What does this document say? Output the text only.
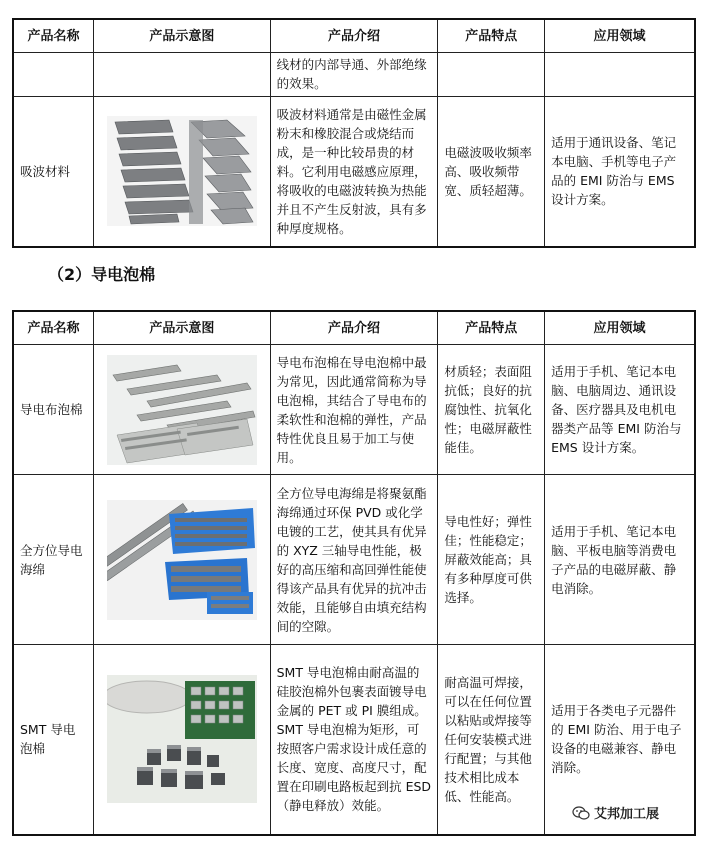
产品名称	产品示意图	产品介绍	产品特点	应用领域
		线材的内部导通、外部绝缘的效果。		
吸波材料		吸波材料通常是由磁性金属粉末和橡胶混合或烧结而成，是一种比较昂贵的材料。它利用电磁感应原理，将吸收的电磁波转换为热能并且不产生反射波，具有多种厚度规格。	电磁波吸收频率高、吸收频带宽、质轻超薄。	适用于通讯设备、笔记本电脑、手机等电子产品的 EMI 防治与 EMS 设计方案。
（2）导电泡棉
产品名称	产品示意图	产品介绍	产品特点	应用领域
导电布泡棉		导电布泡棉在导电泡棉中最为常见，因此通常简称为导电泡棉，其结合了导电布的柔软性和泡棉的弹性，产品特性优良且易于加工与使用。	材质轻；表面阻抗低；良好的抗腐蚀性、抗氧化性；电磁屏蔽性能佳。	适用于手机、笔记本电脑、电脑周边、通讯设备、医疗器具及电机电器类产品等 EMI 防治与 EMS 设计方案。
全方位导电海绵		全方位导电海绵是将聚氨酯海绵通过环保 PVD 或化学电镀的工艺，使其具有优异的 XYZ 三轴导电性能，极好的高压缩和高回弹性能使得该产品具有优异的抗冲击效能，且能够自由填充结构间的空隙。	导电性好；弹性佳；性能稳定；屏蔽效能高；具有多种厚度可供选择。	适用于手机、笔记本电脑、平板电脑等消费电子产品的电磁屏蔽、静电消除。
SMT 导电泡棉		SMT 导电泡棉由耐高温的硅胶泡棉外包裹表面镀导电金属的 PET 或 PI 膜组成。SMT 导电泡棉为矩形，可按照客户需求设计成任意的长度、宽度、高度尺寸，配置在印刷电路板起到抗 ESD（静电释放）效能。	耐高温可焊接，可以在任何位置以粘贴或焊接等任何安装模式进行配置；与其他技术相比成本低、性能高。	适用于各类电子元器件的 EMI 防治、用于电子设备的电磁兼容、静电消除。
艾邦加工展
